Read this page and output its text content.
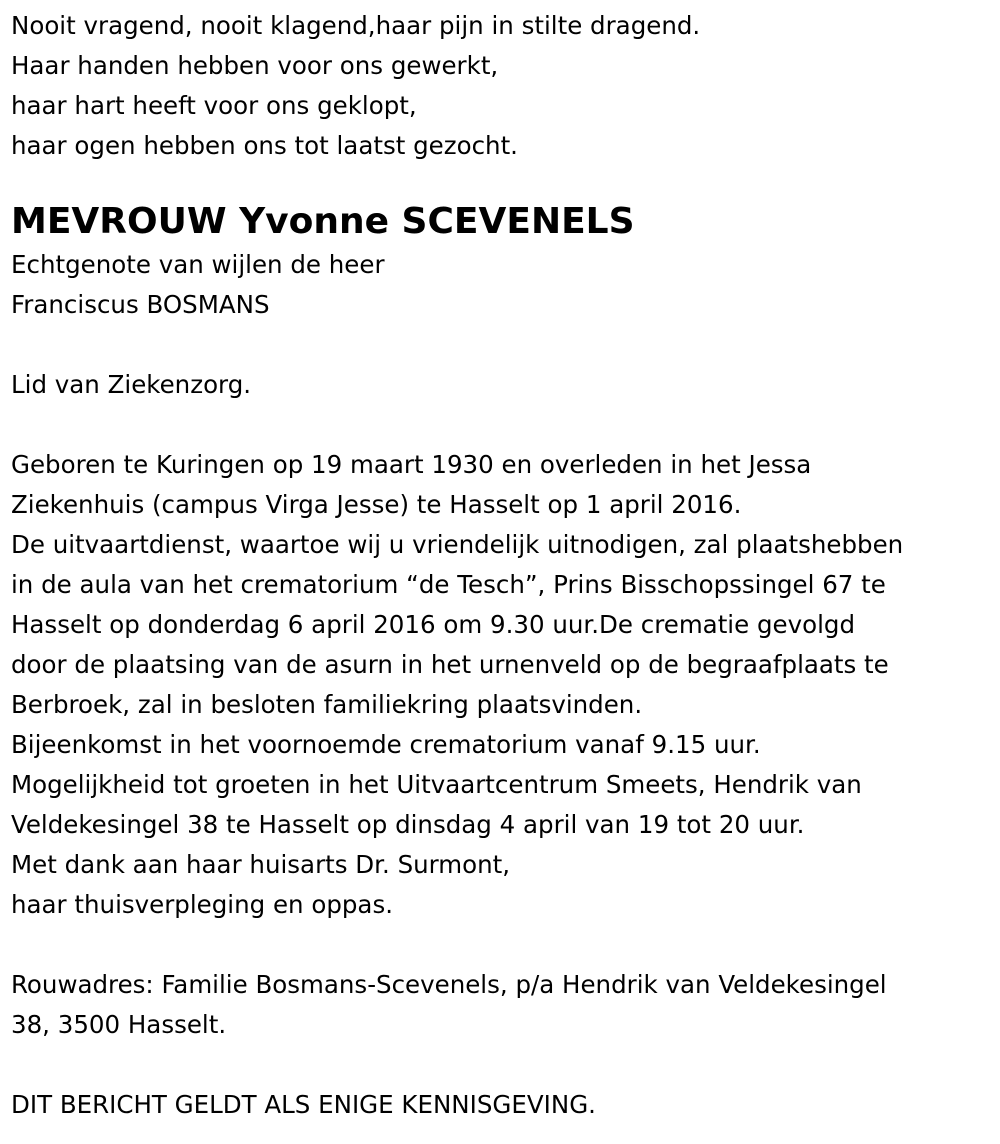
Nooit vragend, nooit klagend,haar pijn in stilte dragend.
Haar handen hebben voor ons gewerkt,
haar hart heeft voor ons geklopt,
haar ogen hebben ons tot laatst gezocht.
MEVROUW Yvonne SCEVENELS
Echtgenote van wijlen de heer
Franciscus BOSMANS
Lid van Ziekenzorg.
Geboren te Kuringen op 19 maart 1930 en overleden in het Jessa
Ziekenhuis (campus Virga Jesse) te Hasselt op 1 april 2016.
De uitvaartdienst, waartoe wij u vriendelijk uitnodigen, zal plaatshebben
in de aula van het crematorium “de Tesch”, Prins Bisschopssingel 67 te
Hasselt op donderdag 6 april 2016 om 9.30 uur.De crematie gevolgd
door de plaatsing van de asurn in het urnenveld op de begraafplaats te
Berbroek, zal in besloten familiekring plaatsvinden.
Bijeenkomst in het voornoemde crematorium vanaf 9.15 uur.
Mogelijkheid tot groeten in het Uitvaartcentrum Smeets, Hendrik van
Veldekesingel 38 te Hasselt op dinsdag 4 april van 19 tot 20 uur.
Met dank aan haar huisarts Dr. Surmont,
haar thuisverpleging en oppas.
Rouwadres: Familie Bosmans-Scevenels, p/a Hendrik van Veldekesingel
38, 3500 Hasselt.
DIT BERICHT GELDT ALS ENIGE KENNISGEVING.
